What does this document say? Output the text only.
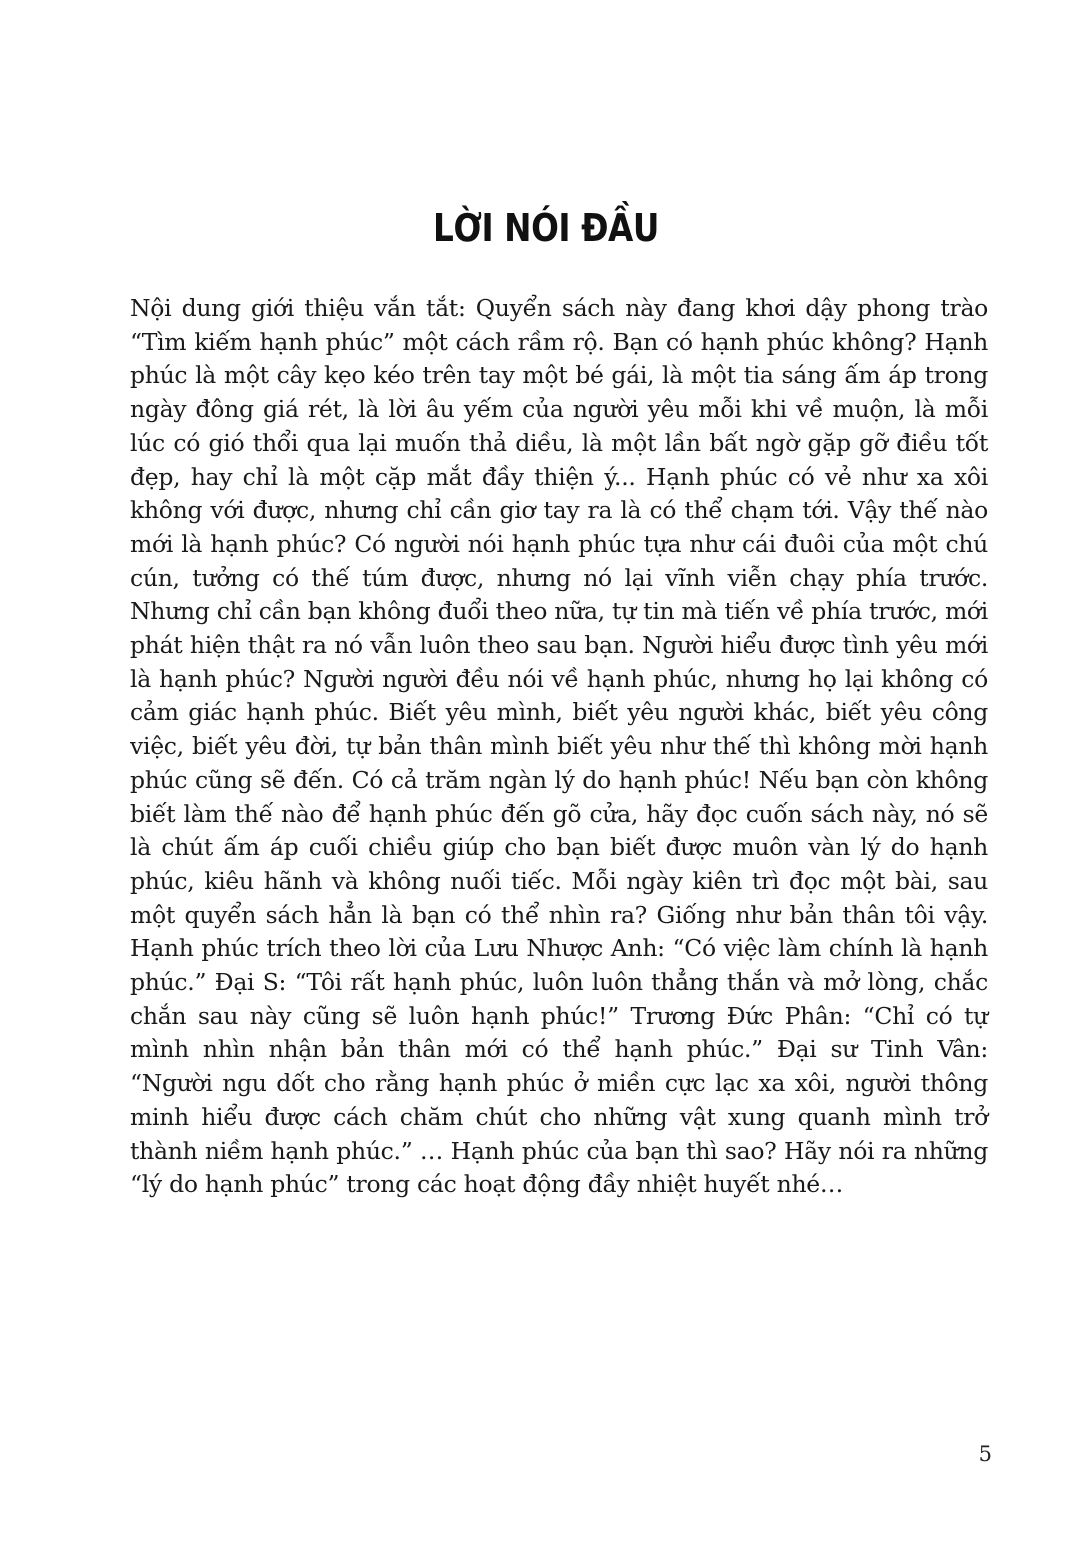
LỜI NÓI ĐẦU

Nội dung giới thiệu vắn tắt: Quyển sách này đang khơi dậy phong trào “Tìm kiếm hạnh phúc” một cách rầm rộ. Bạn có hạnh phúc không? Hạnh phúc là một cây kẹo kéo trên tay một bé gái, là một tia sáng ấm áp trong ngày đông giá rét, là lời âu yếm của người yêu mỗi khi về muộn, là mỗi lúc có gió thổi qua lại muốn thả diều, là một lần bất ngờ gặp gỡ điều tốt đẹp, hay chỉ là một cặp mắt đầy thiện ý... Hạnh phúc có vẻ như xa xôi không với được, nhưng chỉ cần giơ tay ra là có thể chạm tới. Vậy thế nào mới là hạnh phúc? Có người nói hạnh phúc tựa như cái đuôi của một chú cún, tưởng có thế túm được, nhưng nó lại vĩnh viễn chạy phía trước. Nhưng chỉ cần bạn không đuổi theo nữa, tự tin mà tiến về phía trước, mới phát hiện thật ra nó vẫn luôn theo sau bạn. Người hiểu được tình yêu mới là hạnh phúc? Người người đều nói về hạnh phúc, nhưng họ lại không có cảm giác hạnh phúc. Biết yêu mình, biết yêu người khác, biết yêu công việc, biết yêu đời, tự bản thân mình biết yêu như thế thì không mời hạnh phúc cũng sẽ đến. Có cả trăm ngàn lý do hạnh phúc! Nếu bạn còn không biết làm thế nào để hạnh phúc đến gõ cửa, hãy đọc cuốn sách này, nó sẽ là chút ấm áp cuối chiều giúp cho bạn biết được muôn vàn lý do hạnh phúc, kiêu hãnh và không nuối tiếc. Mỗi ngày kiên trì đọc một bài, sau một quyển sách hẳn là bạn có thể nhìn ra? Giống như bản thân tôi vậy. Hạnh phúc trích theo lời của Lưu Nhược Anh: “Có việc làm chính là hạnh phúc.” Đại S: “Tôi rất hạnh phúc, luôn luôn thẳng thắn và mở lòng, chắc chắn sau này cũng sẽ luôn hạnh phúc!” Trương Đức Phân: “Chỉ có tự mình nhìn nhận bản thân mới có thể hạnh phúc.” Đại sư Tinh Vân: “Người ngu dốt cho rằng hạnh phúc ở miền cực lạc xa xôi, người thông minh hiểu được cách chăm chút cho những vật xung quanh mình trở thành niềm hạnh phúc.” … Hạnh phúc của bạn thì sao? Hãy nói ra những “lý do hạnh phúc” trong các hoạt động đầy nhiệt huyết nhé…

5
